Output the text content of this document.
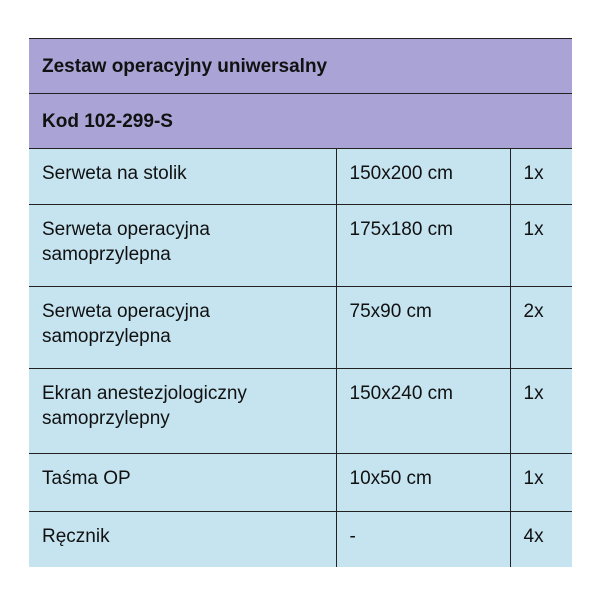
Zestaw operacyjny uniwersalny		
Kod 102-299-S		
Serweta na stolik	150x200 cm	1x
Serweta operacyjna samoprzylepna	175x180 cm	1x
Serweta operacyjna samoprzylepna	75x90 cm	2x
Ekran anestezjologiczny samoprzylepny	150x240 cm	1x
Taśma OP	10x50 cm	1x
Ręcznik	-	4x
